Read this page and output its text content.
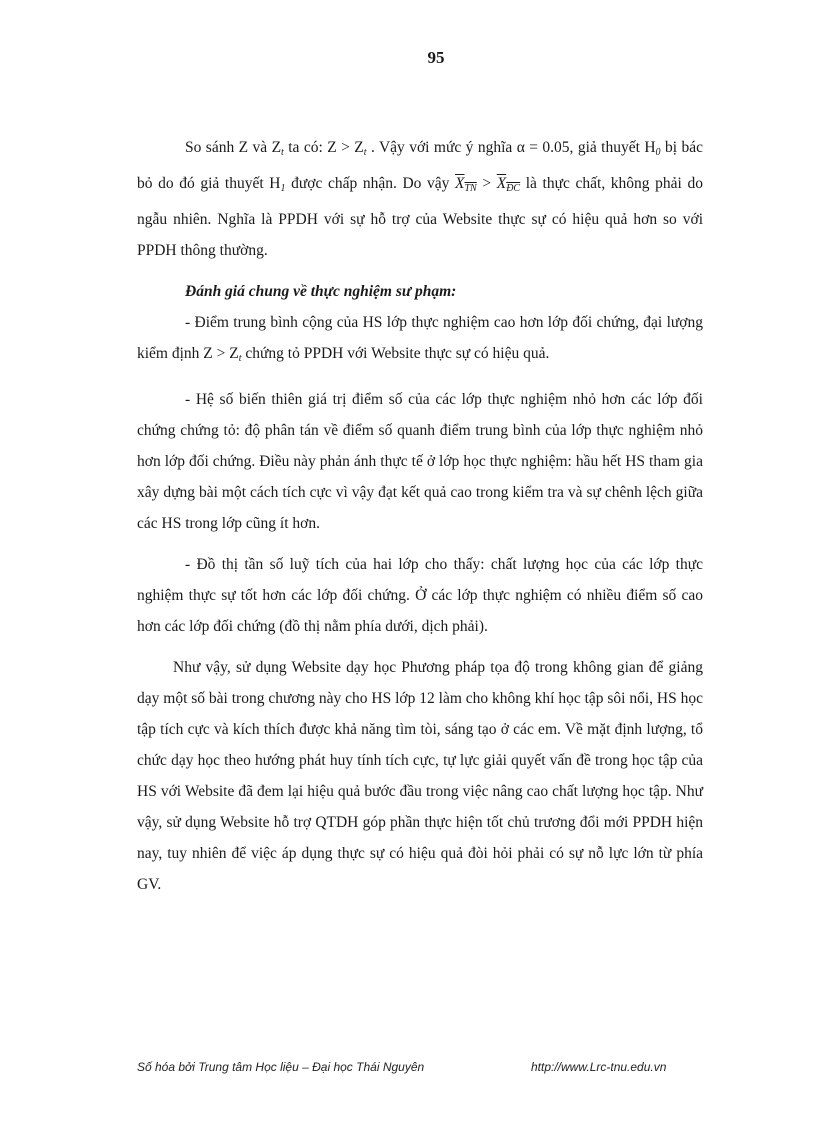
95

So sánh Z và $Z_t$ ta có: $Z > Z_t$ . Vậy với mức ý nghĩa α = 0.05, giả thuyết $H_0$ bị bác bỏ do đó giả thuyết $H_1$ được chấp nhận. Do vậy $X_{TN} > X_{ĐC}$ là thực chất, không phải do ngẫu nhiên. Nghĩa là PPDH với sự hỗ trợ của Website thực sự có hiệu quả hơn so với PPDH thông thường.

Đánh giá chung về thực nghiệm sư phạm:

- Điểm trung bình cộng của HS lớp thực nghiệm cao hơn lớp đối chứng, đại lượng kiểm định $Z > Z_t$ chứng tỏ PPDH với Website thực sự có hiệu quả.

- Hệ số biến thiên giá trị điểm số của các lớp thực nghiệm nhỏ hơn các lớp đối chứng chứng tỏ: độ phân tán về điểm số quanh điểm trung bình của lớp thực nghiệm nhỏ hơn lớp đối chứng. Điều này phản ánh thực tế ở lớp học thực nghiệm: hầu hết HS tham gia xây dựng bài một cách tích cực vì vậy đạt kết quả cao trong kiểm tra và sự chênh lệch giữa các HS trong lớp cũng ít hơn.

- Đồ thị tần số luỹ tích của hai lớp cho thấy: chất lượng học của các lớp thực nghiệm thực sự tốt hơn các lớp đối chứng. Ở các lớp thực nghiệm có nhiều điểm số cao hơn các lớp đối chứng (đồ thị nằm phía dưới, dịch phải).

Như vậy, sử dụng Website dạy học Phương pháp tọa độ trong không gian để giảng dạy một số bài trong chương này cho HS lớp 12 làm cho không khí học tập sôi nổi, HS học tập tích cực và kích thích được khả năng tìm tòi, sáng tạo ở các em. Về mặt định lượng, tổ chức dạy học theo hướng phát huy tính tích cực, tự lực giải quyết vấn đề trong học tập của HS với Website đã đem lại hiệu quả bước đầu trong việc nâng cao chất lượng học tập. Như vậy, sử dụng Website hỗ trợ QTDH góp phần thực hiện tốt chủ trương đổi mới PPDH hiện nay, tuy nhiên để việc áp dụng thực sự có hiệu quả đòi hỏi phải có sự nỗ lực lớn từ phía GV.

Số hóa bởi Trung tâm Học liệu – Đại học Thái Nguyên	http://www.Lrc-tnu.edu.vn
